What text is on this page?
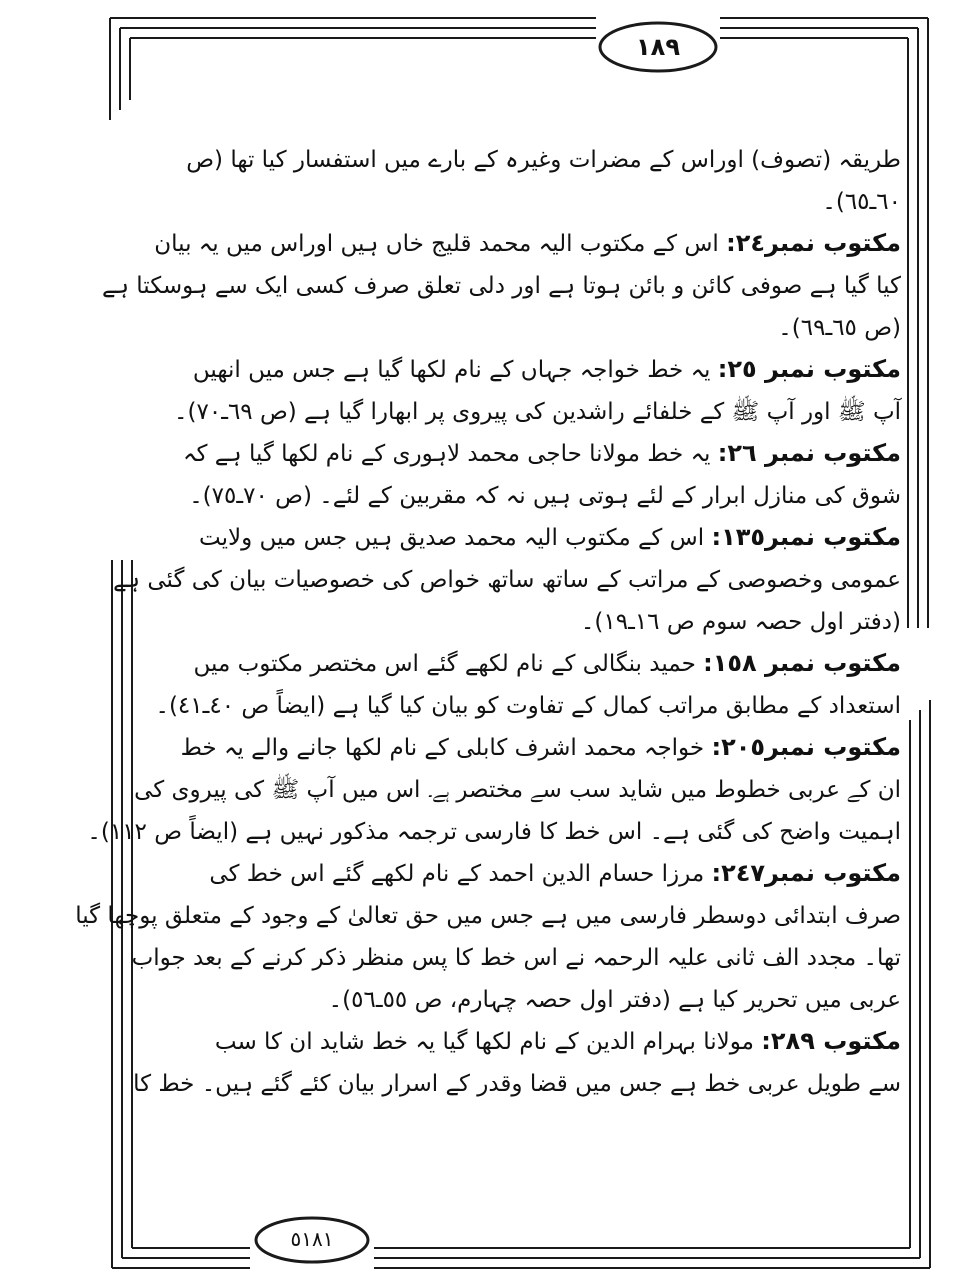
١٨٩
٥١٨١
طریقہ (تصوف) اوراس کے مضرات وغیرہ کے بارے میں استفسار کیا تھا (ص
٦٠ـ٦٥)۔
مکتوب نمبر٢٤: اس کے مکتوب الیہ محمد قلیج خاں ہیں اوراس میں یہ بیان
کیا گیا ہے صوفی کائن و بائن ہوتا ہے اور دلی تعلق صرف کسی ایک سے ہوسکتا ہے
(ص ٦٥ـ٦٩)۔
مکتوب نمبر ٢٥: یہ خط خواجہ جہاں کے نام لکھا گیا ہے جس میں انھیں
آپ ﷺ اور آپ ﷺ کے خلفائے راشدین کی پیروی پر ابھارا گیا ہے (ص ٦٩ـ٧٠)۔
مکتوب نمبر ٢٦: یہ خط مولانا حاجی محمد لاہوری کے نام لکھا گیا ہے کہ
شوق کی منازل ابرار کے لئے ہوتی ہیں نہ کہ مقربین کے لئے۔ (ص ٧٠ـ٧٥)۔
مکتوب نمبر١٣٥: اس کے مکتوب الیہ محمد صدیق ہیں جس میں ولایت
عمومی وخصوصی کے مراتب کے ساتھ ساتھ خواص کی خصوصیات بیان کی گئی ہے
(دفتر اول حصہ سوم ص ١٦ـ١٩)۔
مکتوب نمبر ١٥٨: حمید بنگالی کے نام لکھے گئے اس مختصر مکتوب میں
استعداد کے مطابق مراتب کمال کے تفاوت کو بیان کیا گیا ہے (ایضاً ص ٤٠ـ٤١)۔
مکتوب نمبر٢٠٥: خواجہ محمد اشرف کابلی کے نام لکھا جانے والے یہ خط
ان کے عربی خطوط میں شاید سب سے مختصر ہے۔ اس میں آپ ﷺ کی پیروی کی
اہمیت واضح کی گئی ہے۔ اس خط کا فارسی ترجمہ مذکور نہیں ہے (ایضاً ص ١١٢)۔
مکتوب نمبر٢٤٧: مرزا حسام الدین احمد کے نام لکھے گئے اس خط کی
صرف ابتدائی دوسطر فارسی میں ہے جس میں حق تعالیٰ کے وجود کے متعلق پوچھا گیا
تھا۔ مجدد الف ثانی علیہ الرحمہ نے اس خط کا پس منظر ذکر کرنے کے بعد جواب
عربی میں تحریر کیا ہے (دفتر اول حصہ چہارم، ص ٥٥ـ٥٦)۔
مکتوب ٢٨٩: مولانا بہرام الدین کے نام لکھا گیا یہ خط شاید ان کا سب
سے طویل عربی خط ہے جس میں قضا وقدر کے اسرار بیان کئے گئے ہیں۔ خط کا
